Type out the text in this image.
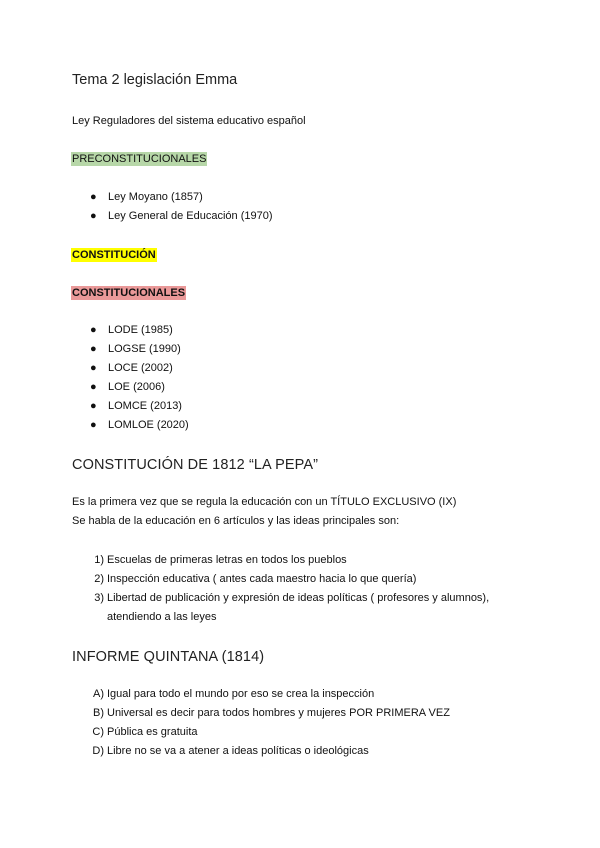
Tema 2 legislación Emma
Ley Reguladores del sistema educativo español
PRECONSTITUCIONALES
●	Ley Moyano (1857)
●	Ley General de Educación (1970)
CONSTITUCIÓN
CONSTITUCIONALES
●	LODE (1985)
●	LOGSE (1990)
●	LOCE (2002)
●	LOE (2006)
●	LOMCE (2013)
●	LOMLOE (2020)
CONSTITUCIÓN DE 1812 “LA PEPA”
Es la primera vez que se regula la educación con un TÍTULO EXCLUSIVO (IX)
Se habla de la educación en 6 artículos y las ideas principales son:
1) Escuelas de primeras letras en todos los pueblos
2) Inspección educativa ( antes cada maestro hacia lo que quería)
3) Libertad de publicación y expresión de ideas políticas ( profesores y alumnos),
atendiendo a las leyes
INFORME QUINTANA (1814)
A) Igual para todo el mundo por eso se crea la inspección
B) Universal es decir para todos hombres y mujeres POR PRIMERA VEZ
C) Pública es gratuita
D) Libre no se va a atener a ideas políticas o ideológicas
